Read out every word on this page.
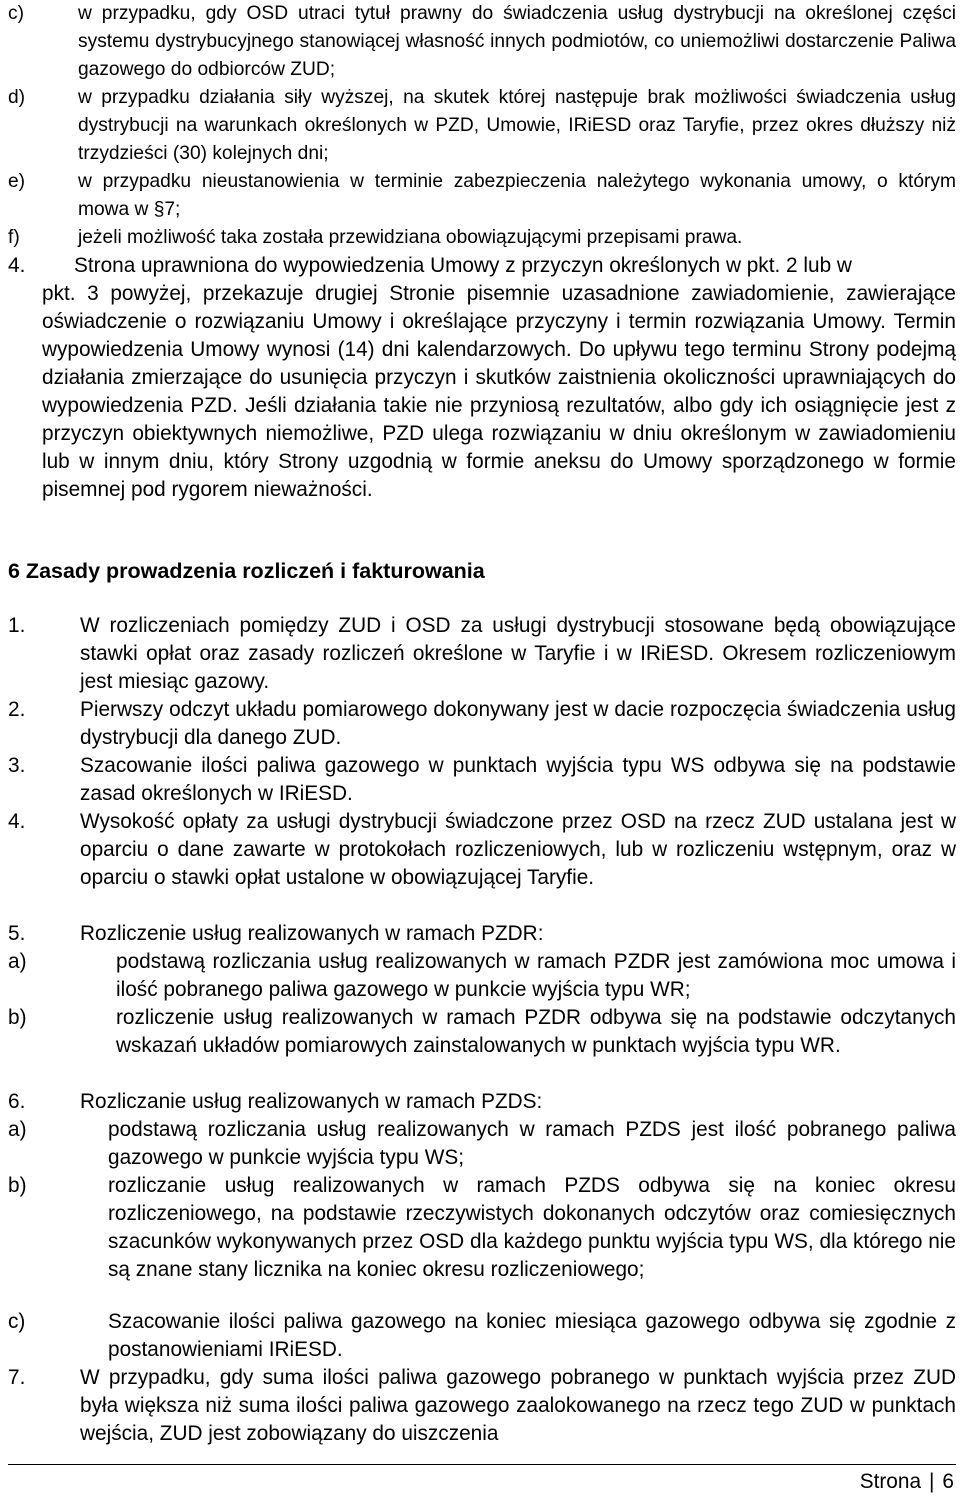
c)	w przypadku, gdy OSD utraci tytuł prawny do świadczenia usług dystrybucji na określonej części systemu dystrybucyjnego stanowiącej własność innych podmiotów, co uniemożliwi dostarczenie Paliwa gazowego do odbiorców ZUD;
d)	w przypadku działania siły wyższej, na skutek której następuje brak możliwości świadczenia usług dystrybucji na warunkach określonych w PZD, Umowie, IRiESD oraz Taryfie, przez okres dłuższy niż trzydzieści (30) kolejnych dni;
e)	w przypadku nieustanowienia w terminie zabezpieczenia należytego wykonania umowy, o którym mowa w §7;
f)	jeżeli możliwość taka została przewidziana obowiązującymi przepisami prawa.
4. Strona uprawniona do wypowiedzenia Umowy z przyczyn określonych w pkt. 2 lub w
pkt. 3 powyżej, przekazuje drugiej Stronie pisemnie uzasadnione zawiadomienie, zawierające oświadczenie o rozwiązaniu Umowy i określające przyczyny i termin rozwiązania Umowy. Termin wypowiedzenia Umowy wynosi (14) dni kalendarzowych. Do upływu tego terminu Strony podejmą działania zmierzające do usunięcia przyczyn i skutków zaistnienia okoliczności uprawniających do wypowiedzenia PZD. Jeśli działania takie nie przyniosą rezultatów, albo gdy ich osiągnięcie jest z przyczyn obiektywnych niemożliwe, PZD ulega rozwiązaniu w dniu określonym w zawiadomieniu lub w innym dniu, który Strony uzgodnią w formie aneksu do Umowy sporządzonego w formie pisemnej pod rygorem nieważności.
6 Zasady prowadzenia rozliczeń i fakturowania
1.	W rozliczeniach pomiędzy ZUD i OSD za usługi dystrybucji stosowane będą obowiązujące stawki opłat oraz zasady rozliczeń określone w Taryfie i w IRiESD. Okresem rozliczeniowym jest miesiąc gazowy.
2.	Pierwszy odczyt układu pomiarowego dokonywany jest w dacie rozpoczęcia świadczenia usług dystrybucji dla danego ZUD.
3.	Szacowanie ilości paliwa gazowego w punktach wyjścia typu WS odbywa się na podstawie zasad określonych w IRiESD.
4.	Wysokość opłaty za usługi dystrybucji świadczone przez OSD na rzecz ZUD ustalana jest w oparciu o dane zawarte w protokołach rozliczeniowych, lub w rozliczeniu wstępnym, oraz w oparciu o stawki opłat ustalone w obowiązującej Taryfie.
5.	Rozliczenie usług realizowanych w ramach PZDR:
a)	podstawą rozliczania usług realizowanych w ramach PZDR jest zamówiona moc umowa i ilość pobranego paliwa gazowego w punkcie wyjścia typu WR;
b)	rozliczenie usług realizowanych w ramach PZDR odbywa się na podstawie odczytanych wskazań układów pomiarowych zainstalowanych w punktach wyjścia typu WR.
6.	Rozliczanie usług realizowanych w ramach PZDS:
a)	podstawą rozliczania usług realizowanych w ramach PZDS jest ilość pobranego paliwa gazowego w punkcie wyjścia typu WS;
b)	rozliczanie usług realizowanych w ramach PZDS odbywa się na koniec okresu rozliczeniowego, na podstawie rzeczywistych dokonanych odczytów oraz comiesięcznych szacunków wykonywanych przez OSD dla każdego punktu wyjścia typu WS, dla którego nie są znane stany licznika na koniec okresu rozliczeniowego;
c)	Szacowanie ilości paliwa gazowego na koniec miesiąca gazowego odbywa się zgodnie z postanowieniami IRiESD.
7.	W przypadku, gdy suma ilości paliwa gazowego pobranego w punktach wyjścia przez ZUD była większa niż suma ilości paliwa gazowego zaalokowanego na rzecz tego ZUD w punktach wejścia, ZUD jest zobowiązany do uiszczenia
Strona | 6
